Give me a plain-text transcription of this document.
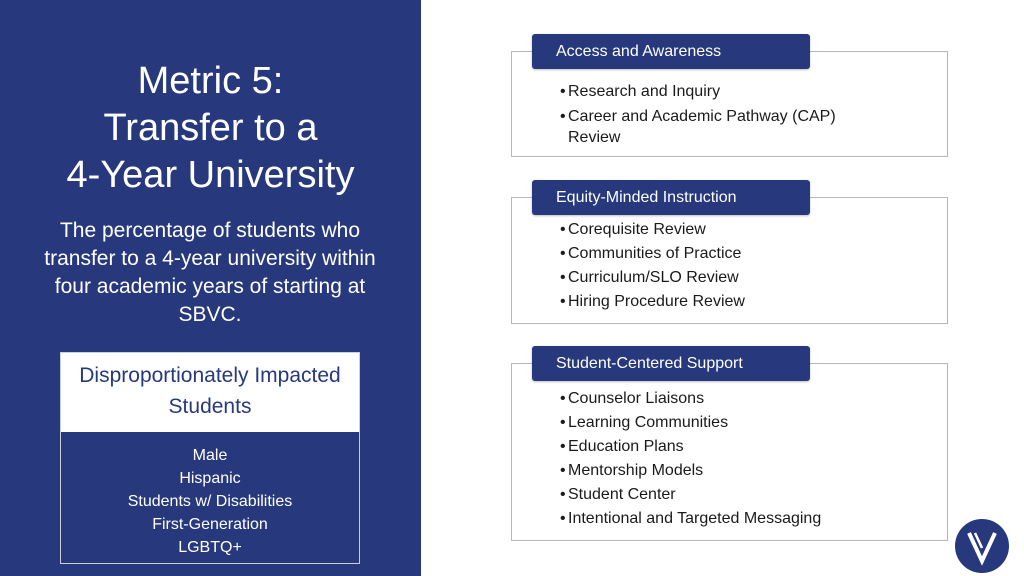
Metric 5:
Transfer to a
4-Year University
The percentage of students who transfer to a 4-year university within four academic years of starting at SBVC.
Disproportionately Impacted Students
Male
Hispanic
Students w/ Disabilities
First-Generation
LGBTQ+
Access and Awareness
• Research and Inquiry
• Career and Academic Pathway (CAP) Review
Equity-Minded Instruction
• Corequisite Review
• Communities of Practice
• Curriculum/SLO Review
• Hiring Procedure Review
Student-Centered Support
• Counselor Liaisons
• Learning Communities
• Education Plans
• Mentorship Models
• Student Center
• Intentional and Targeted Messaging
